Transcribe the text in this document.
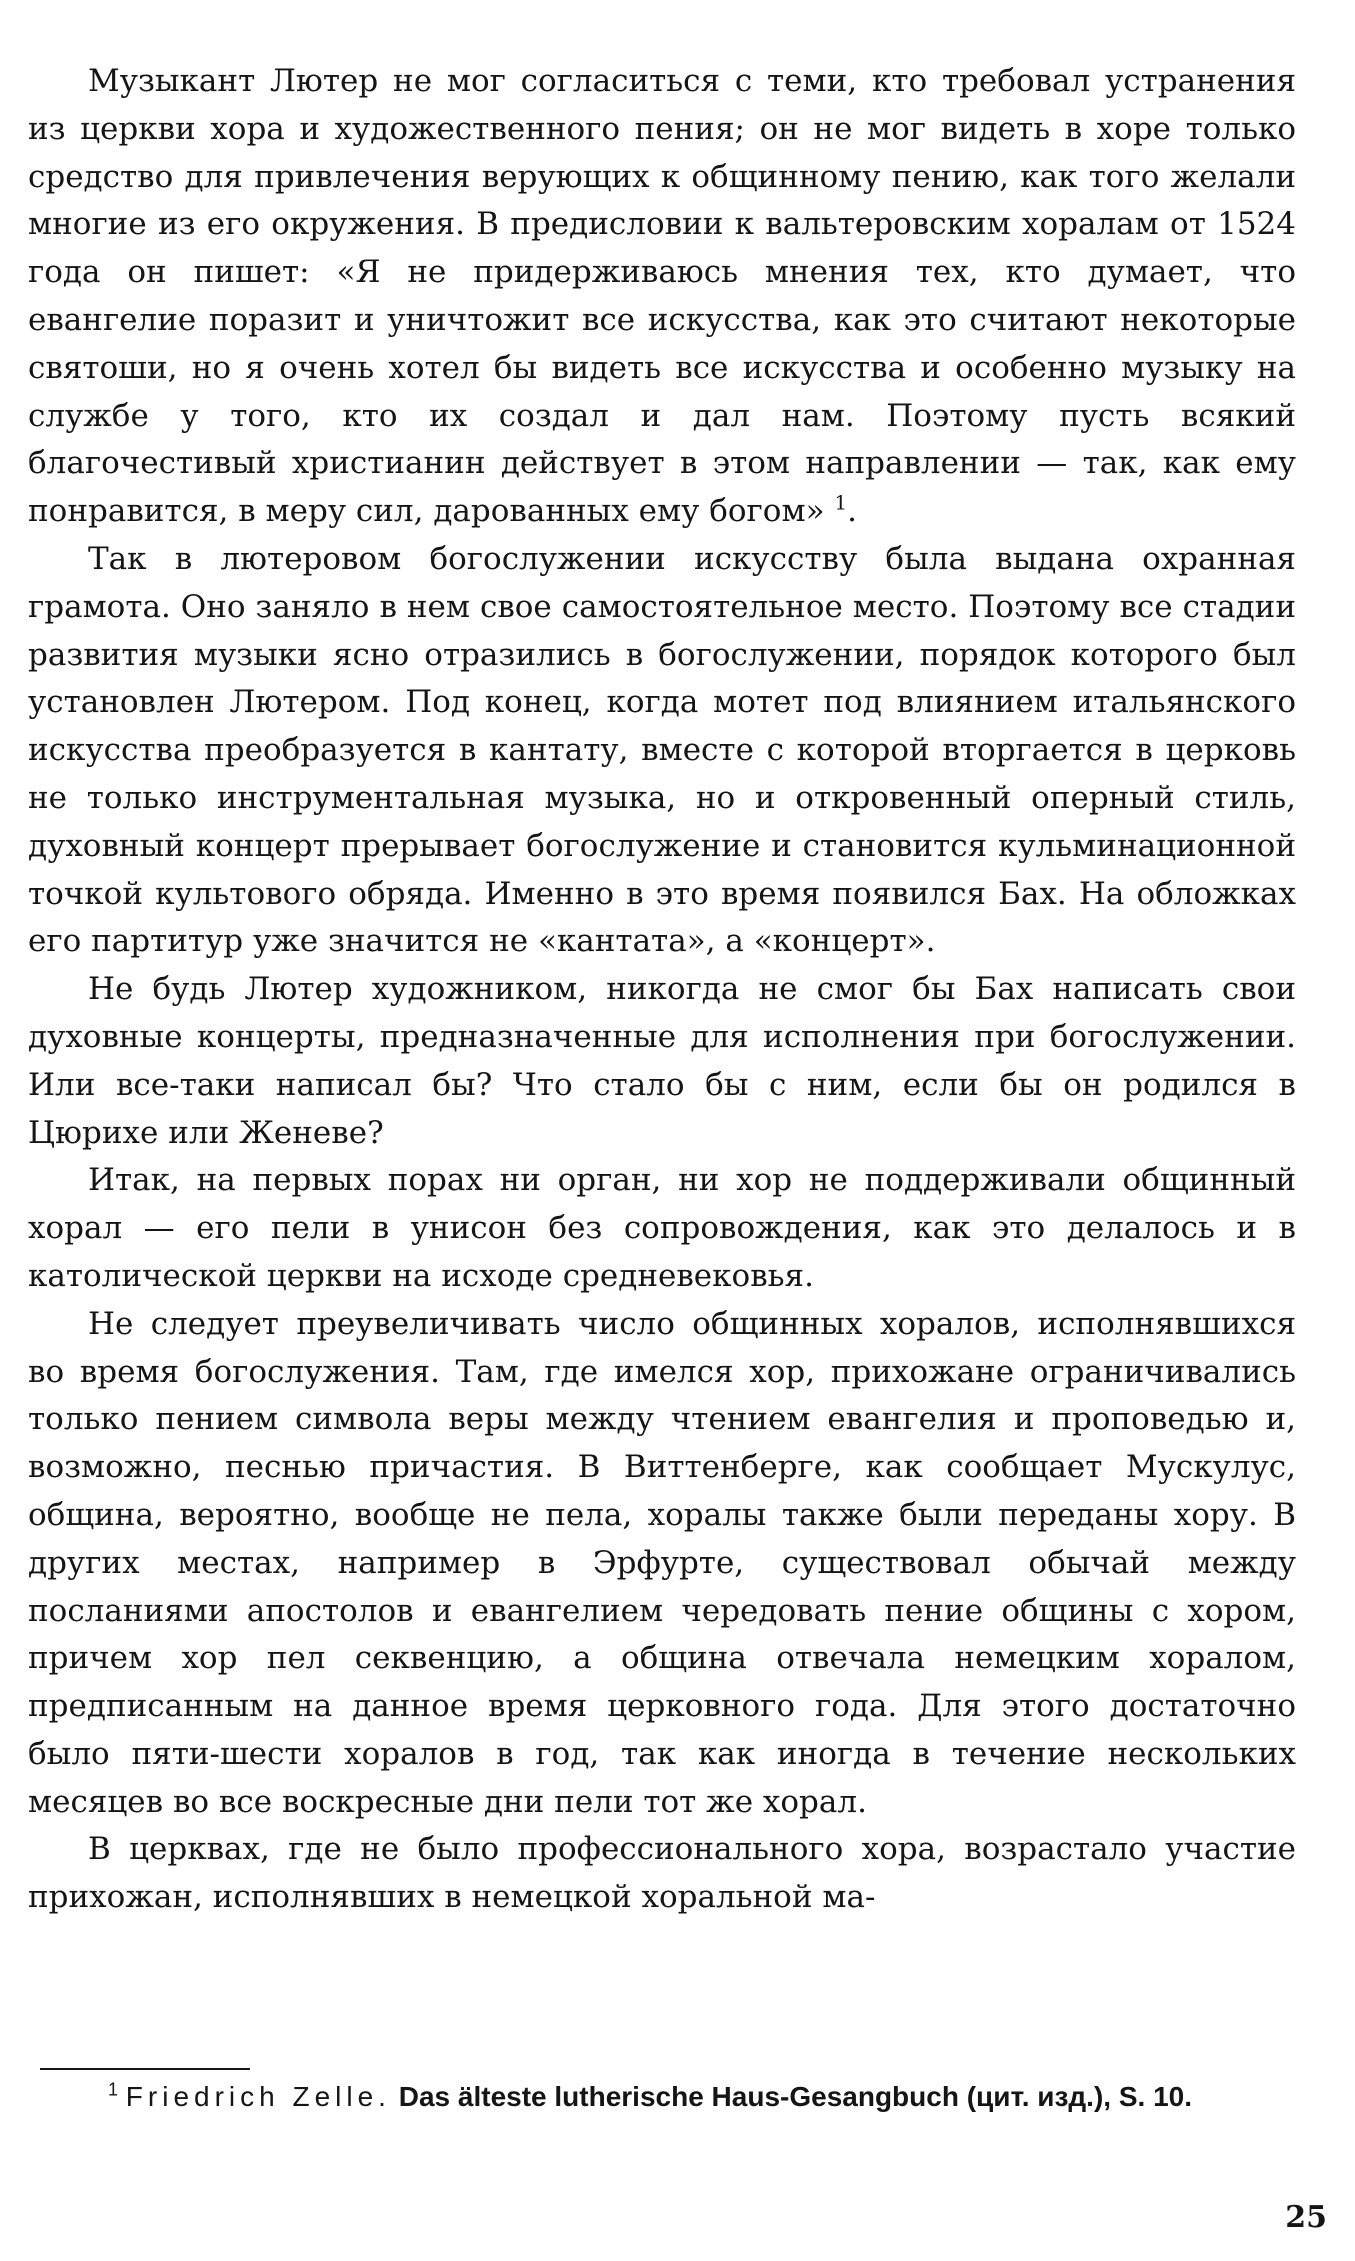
Музыкант Лютер не мог согласиться с теми, кто требовал устранения из церкви хора и художественного пения; он не мог видеть в хоре только средство для привлечения верующих к общинному пению, как того желали многие из его окружения. В предисловии к вальтеровским хоралам от 1524 года он пишет: «Я не придерживаюсь мнения тех, кто думает, что евангелие поразит и уничтожит все искусства, как это считают некоторые святоши, но я очень хотел бы видеть все искусства и особенно музыку на службе у того, кто их создал и дал нам. Поэтому пусть всякий благочестивый христианин действует в этом направлении — так, как ему понравится, в меру сил, дарованных ему богом» $^1$.

Так в лютеровом богослужении искусству была выдана охранная грамота. Оно заняло в нем свое самостоятельное место. Поэтому все стадии развития музыки ясно отразились в богослужении, порядок которого был установлен Лютером. Под конец, когда мотет под влиянием итальянского искусства преобразуется в кантату, вместе с которой вторгается в церковь не только инструментальная музыка, но и откровенный оперный стиль, духовный концерт прерывает богослужение и становится кульминационной точкой культового обряда. Именно в это время появился Бах. На обложках его партитур уже значится не «кантата», а «концерт».

Не будь Лютер художником, никогда не смог бы Бах написать свои духовные концерты, предназначенные для исполнения при богослужении. Или все-таки написал бы? Что стало бы с ним, если бы он родился в Цюрихе или Женеве?

Итак, на первых порах ни орган, ни хор не поддерживали общинный хорал — его пели в унисон без сопровождения, как это делалось и в католической церкви на исходе средневековья.

Не следует преувеличивать число общинных хоралов, исполнявшихся во время богослужения. Там, где имелся хор, прихожане ограничивались только пением символа веры между чтением евангелия и проповедью и, возможно, песнью причастия. В Виттенберге, как сообщает Мускулус, община, вероятно, вообще не пела, хоралы также были переданы хору. В других местах, например в Эрфурте, существовал обычай между посланиями апостолов и евангелием чередовать пение общины с хором, причем хор пел секвенцию, а община отвечала немецким хоралом, предписанным на данное время церковного года. Для этого достаточно было пяти-шести хоралов в год, так как иногда в течение нескольких месяцев во все воскресные дни пели тот же хорал.

В церквах, где не было профессионального хора, возрастало участие прихожан, исполнявших в немецкой хоральной ма-

$^1$ Friedrich Zelle. Das älteste lutherische Haus-Gesangbuch (цит. изд.), S. 10.

25
